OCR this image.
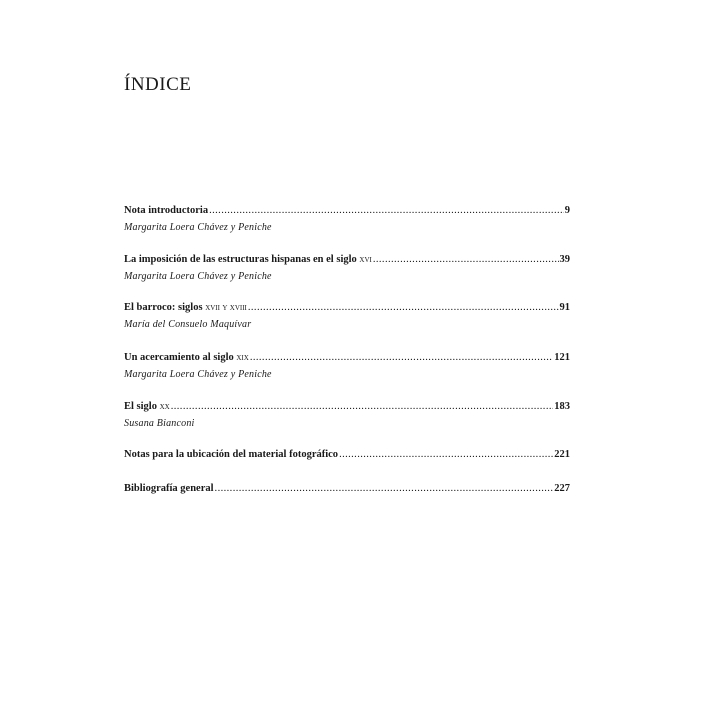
ÍNDICE
Nota introductoria .....	9
Margarita Loera Chávez y Peniche
La imposición de las estructuras hispanas en el siglo xvi .....	39
Margarita Loera Chávez y Peniche
El barroco: siglos xvii y xviii .....	91
María del Consuelo Maquívar
Un acercamiento al siglo xix .....	121
Margarita Loera Chávez y Peniche
El siglo xx .....	183
Susana Bianconi
Notas para la ubicación del material fotográfico .....	221
Bibliografía general .....	227
